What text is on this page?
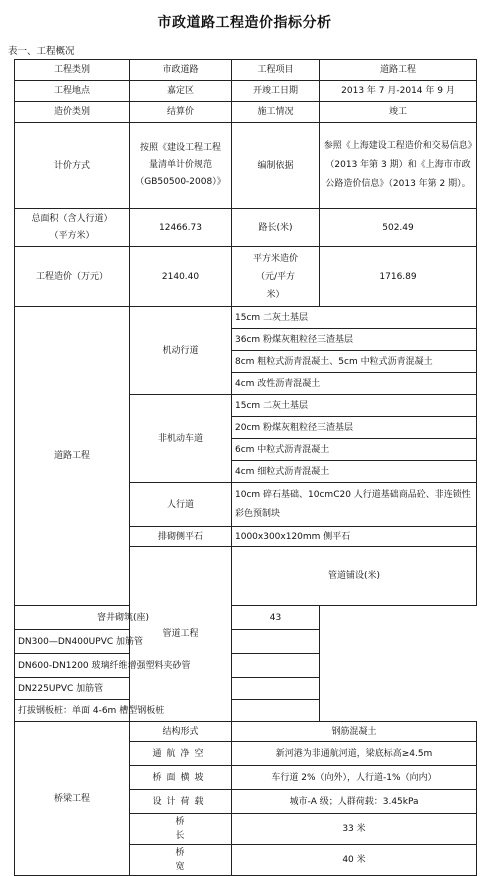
市政道路工程造价指标分析
表一、工程概况
工程类别	市政道路	工程项目	道路工程	
工程地点	嘉定区	开竣工日期	2013 年 7 月-2014 年 9 月	
造价类别	结算价	施工情况	竣工	
计价方式	按照《建设工程工程
量清单计价规范
（GB50500-2008）》	编制依据	参照《上海建设工程造价和交易信息》（2013 年第 3 期）和《上海市市政公路造价信息》（2013 年第 2 期）。	

总面积（含人行道）
（平方米）	12466.73	路长(米)	502.49	
工程造价（万元）	2140.40	平方米造价
（元/平方
米）	1716.89	
道路工程	机动行道	15cm 二灰土基层		
		36cm 粉煤灰粗粒径三渣基层		
		8cm 粗粒式沥青混凝土、5cm 中粒式沥青混凝土		
		4cm 改性沥青混凝土		
	非机动车道	15cm 二灰土基层		
		20cm 粉煤灰粗粒径三渣基层		
		6cm 中粒式沥青混凝土		
		4cm 细粒式沥青混凝土		
	人行道	10cm 碎石基础、10cmC20 人行道基础商品砼、非连锁性彩色预制块		
	排砌侧平石	1000x300x120mm 侧平石		
	管道工程	管道铺设(米)	
窨井砌筑(座)		43		
DN300—DN400UPVC 加筋管				
DN600-DN1200 玻璃纤维增强塑料夹砂管				
DN225UPVC 加筋管				
打拔钢板桩：单面 4-6m 槽型钢板桩				
桥梁工程	结构形式	钢筋混凝土		
	通航净空	新河港为非通航河道，梁底标高≥4.5m		
	桥面横坡	车行道 2%（向外），人行道-1%（向内）		
	设计荷载	城市-A 级；人群荷载：3.45kPa		
	桥长	33 米		
	桥宽	40 米		
